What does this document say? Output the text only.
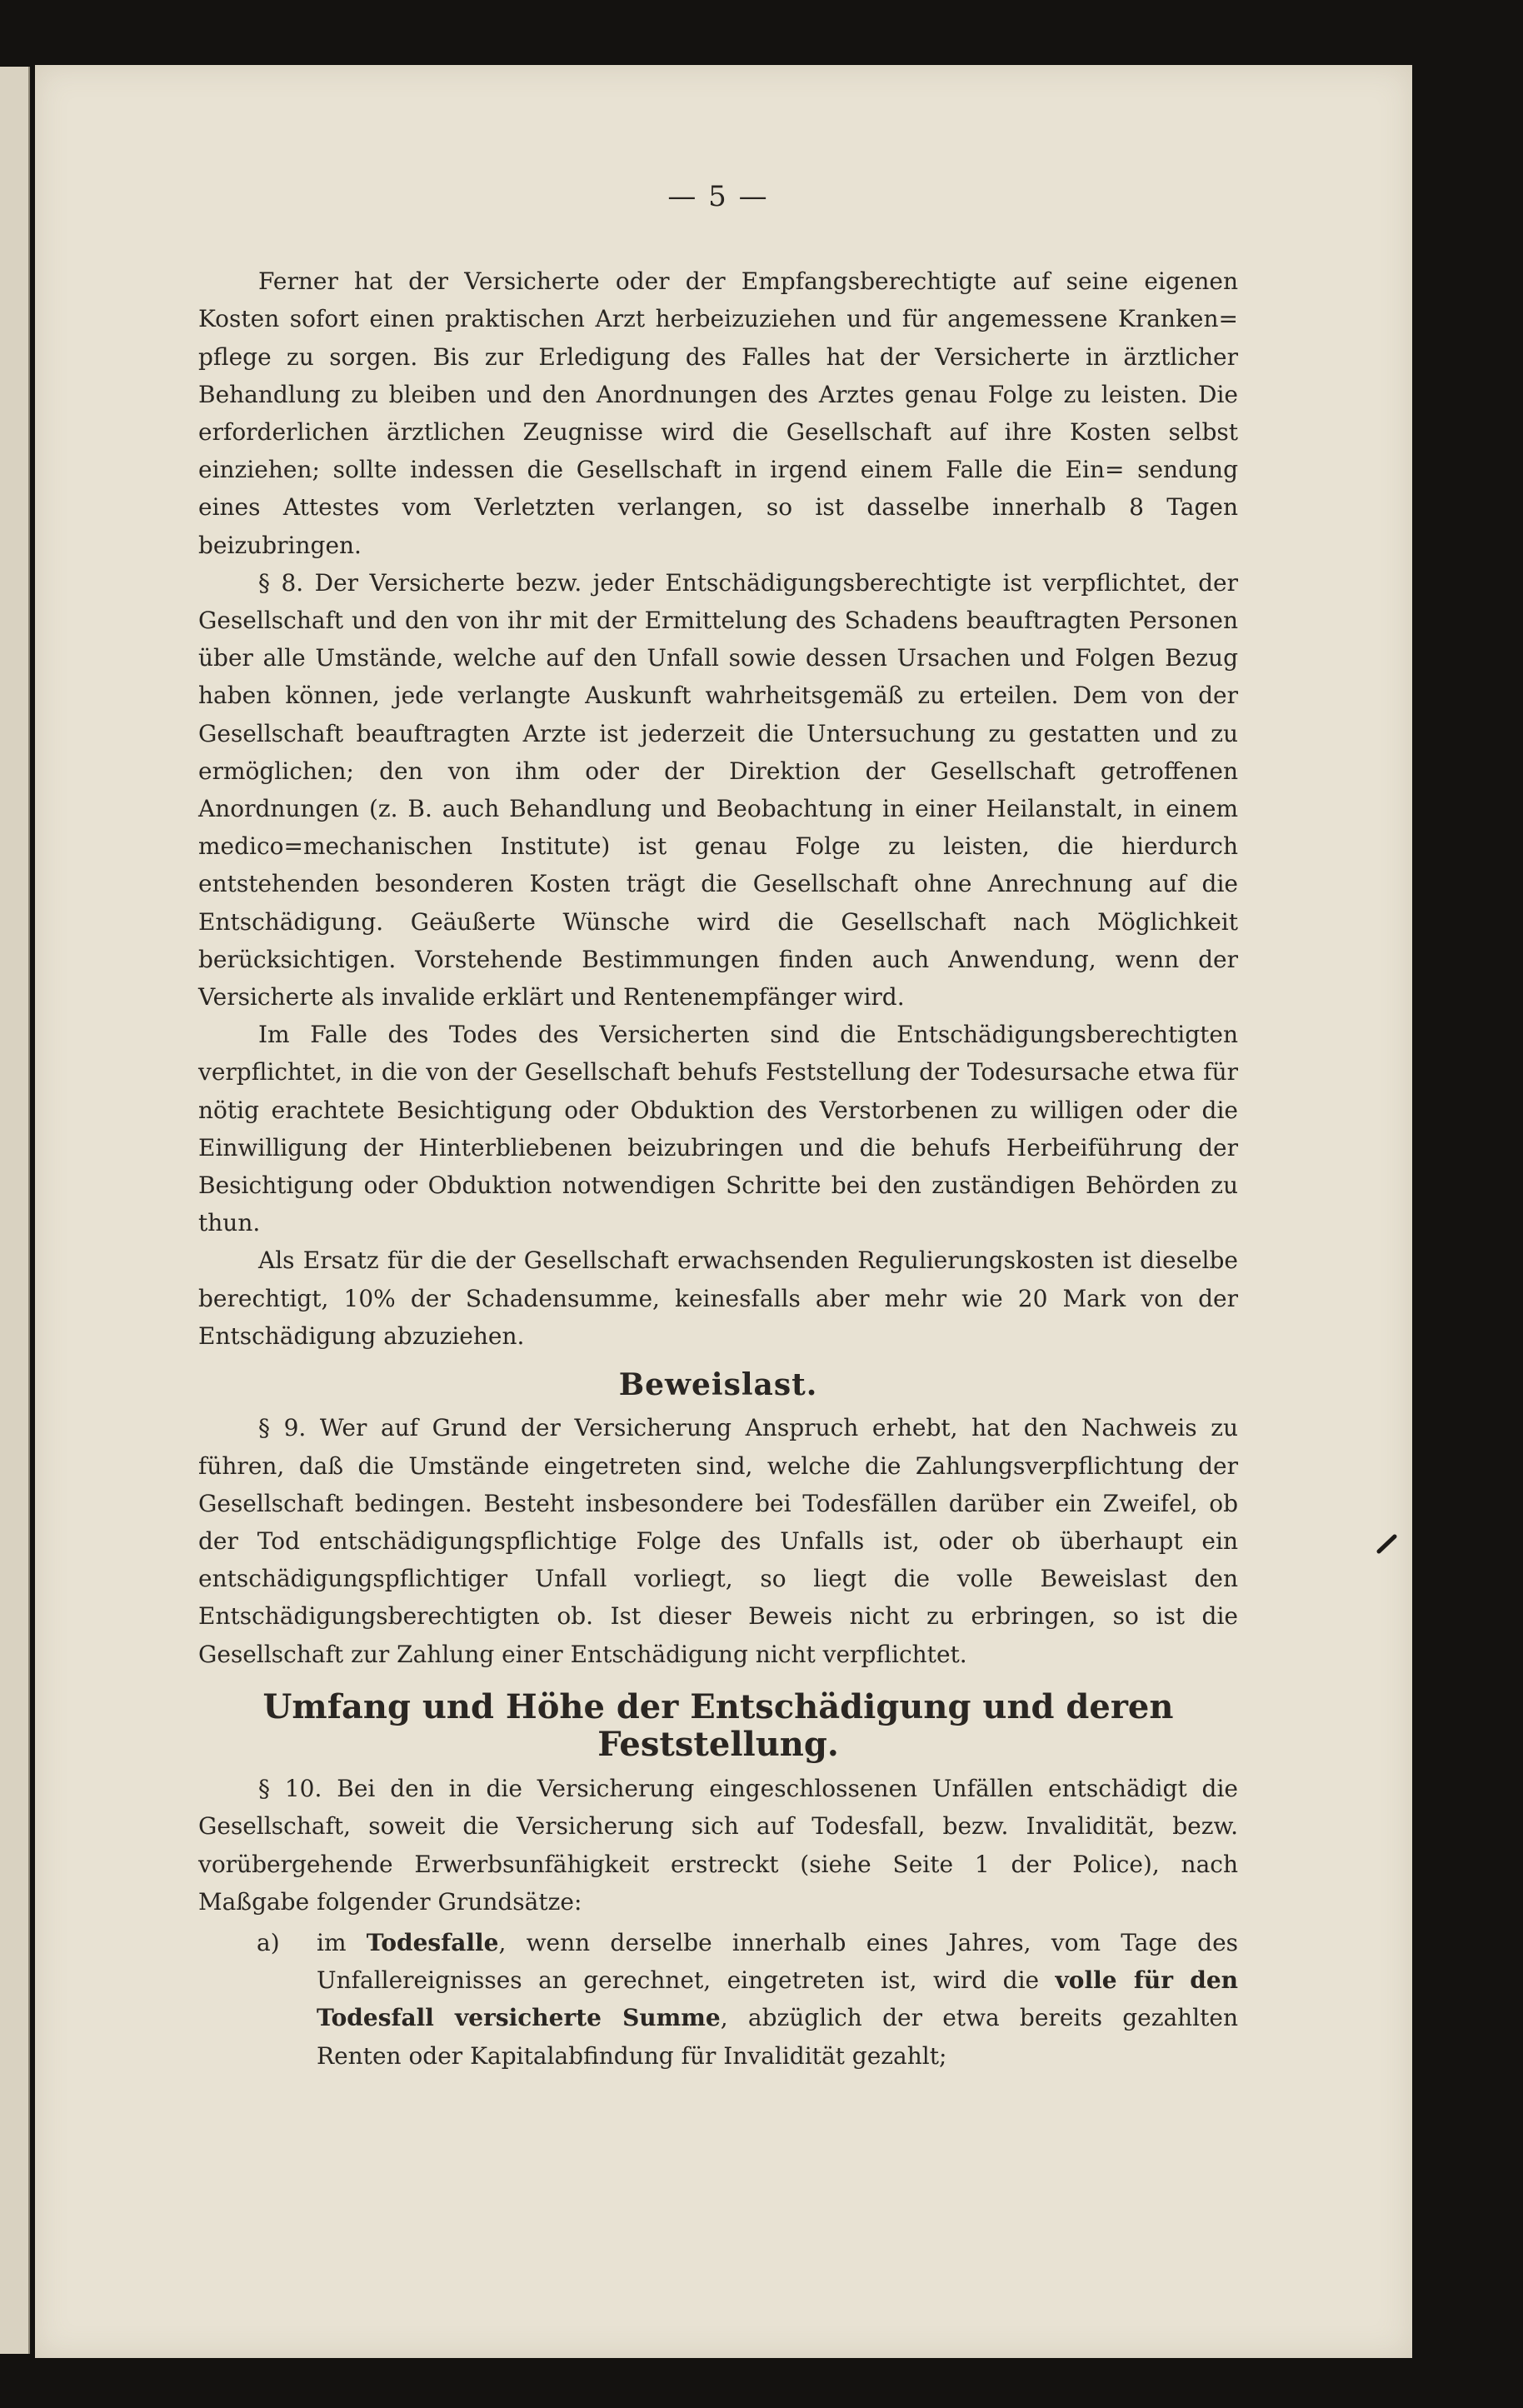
— 5 —

Ferner hat der Versicherte oder der Empfangsberechtigte auf seine eigenen Kosten sofort einen praktischen Arzt herbeizuziehen und für angemessene Kranken= pflege zu sorgen. Bis zur Erledigung des Falles hat der Versicherte in ärztlicher Behandlung zu bleiben und den Anordnungen des Arztes genau Folge zu leisten. Die erforderlichen ärztlichen Zeugnisse wird die Gesellschaft auf ihre Kosten selbst einziehen; sollte indessen die Gesellschaft in irgend einem Falle die Ein= sendung eines Attestes vom Verletzten verlangen, so ist dasselbe innerhalb 8 Tagen beizubringen.

§ 8. Der Versicherte bezw. jeder Entschädigungsberechtigte ist verpflichtet, der Gesellschaft und den von ihr mit der Ermittelung des Schadens beauftragten Personen über alle Umstände, welche auf den Unfall sowie dessen Ursachen und Folgen Bezug haben können, jede verlangte Auskunft wahrheitsgemäß zu erteilen. Dem von der Gesellschaft beauftragten Arzte ist jederzeit die Untersuchung zu gestatten und zu ermöglichen; den von ihm oder der Direktion der Gesellschaft getroffenen Anordnungen (z. B. auch Behandlung und Beobachtung in einer Heilanstalt, in einem medico=mechanischen Institute) ist genau Folge zu leisten, die hierdurch entstehenden besonderen Kosten trägt die Gesellschaft ohne Anrechnung auf die Entschädigung. Geäußerte Wünsche wird die Gesellschaft nach Möglichkeit berücksichtigen. Vorstehende Bestimmungen finden auch Anwendung, wenn der Versicherte als invalide erklärt und Rentenempfänger wird.

Im Falle des Todes des Versicherten sind die Entschädigungsberechtigten verpflichtet, in die von der Gesellschaft behufs Feststellung der Todesursache etwa für nötig erachtete Besichtigung oder Obduktion des Verstorbenen zu willigen oder die Einwilligung der Hinterbliebenen beizubringen und die behufs Herbeiführung der Besichtigung oder Obduktion notwendigen Schritte bei den zuständigen Behörden zu thun.

Als Ersatz für die der Gesellschaft erwachsenden Regulierungskosten ist dieselbe berechtigt, 10% der Schadensumme, keinesfalls aber mehr wie 20 Mark von der Entschädigung abzuziehen.

Beweislast.

§ 9. Wer auf Grund der Versicherung Anspruch erhebt, hat den Nachweis zu führen, daß die Umstände eingetreten sind, welche die Zahlungsverpflichtung der Gesellschaft bedingen. Besteht insbesondere bei Todesfällen darüber ein Zweifel, ob der Tod entschädigungspflichtige Folge des Unfalls ist, oder ob überhaupt ein entschädigungspflichtiger Unfall vorliegt, so liegt die volle Beweislast den Entschädigungsberechtigten ob. Ist dieser Beweis nicht zu erbringen, so ist die Gesellschaft zur Zahlung einer Entschädigung nicht verpflichtet.

Umfang und Höhe der Entschädigung und deren Feststellung.

§ 10. Bei den in die Versicherung eingeschlossenen Unfällen entschädigt die Gesellschaft, soweit die Versicherung sich auf Todesfall, bezw. Invalidität, bezw. vorübergehende Erwerbsunfähigkeit erstreckt (siehe Seite 1 der Police), nach Maßgabe folgender Grundsätze:

a)	im Todesfalle, wenn derselbe innerhalb eines Jahres, vom Tage des Unfallereignisses an gerechnet, eingetreten ist, wird die volle für den Todesfall versicherte Summe, abzüglich der etwa bereits gezahlten Renten oder Kapitalabfindung für Invalidität gezahlt;
